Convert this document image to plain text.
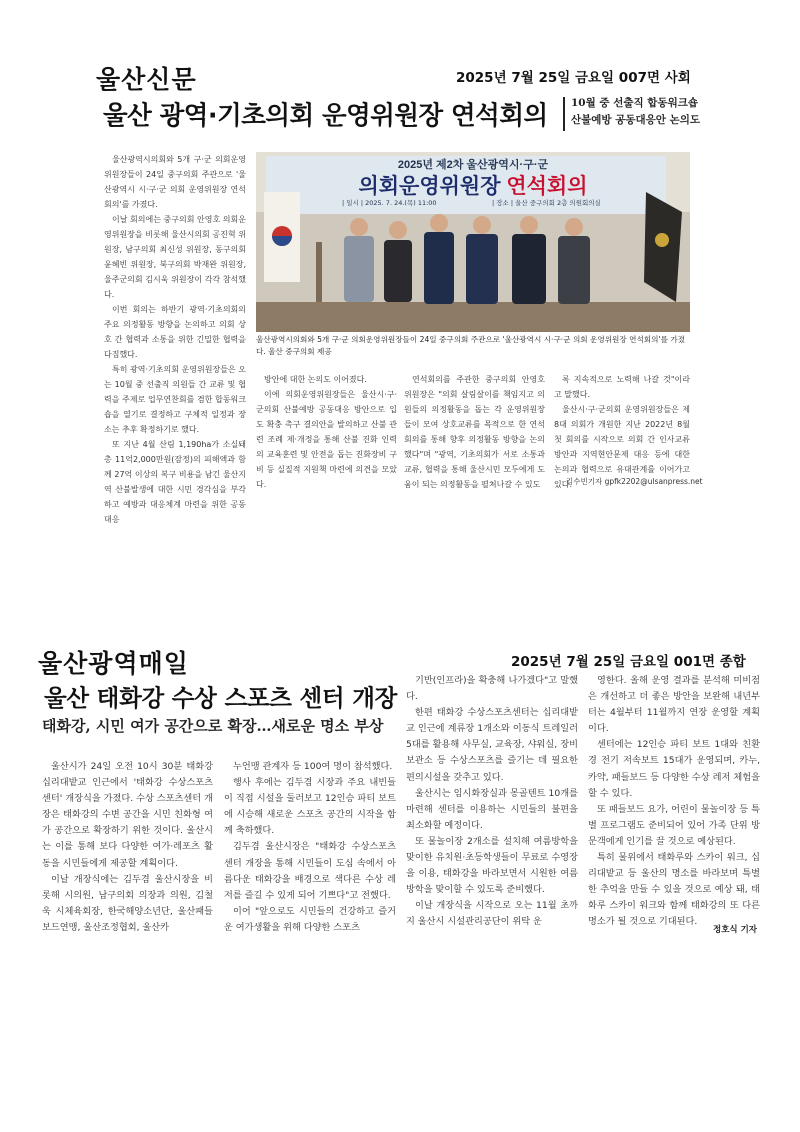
울산신문	2025년 7월 25일 금요일 007면 사회
울산 광역·기초의회 운영위원장 연석회의 10월 중 선출직 합동워크숍
산불예방 공동대응안 논의도
2025년 제2차 울산광역시·구·군
의회운영위원장 연석회의
| 일시 | 2025. 7. 24.(목) 11:00	| 장소 | 울산 중구의회 2층 의원회의실
울산광역시의회와 5개 구·군 의회운영위원장들이 24일 중구의회 주관으로 '울산광역시 시·구·군 의회 운영위원장 연석회의'를 가졌다. 울산 중구의회 제공

울산광역시의회와 5개 구·군 의회운영위원장들이 24일 중구의회 주관으로 '울산광역시 시·구·군 의회 운영위원장 연석회의'를 가졌다.

이날 회의에는 중구의회 안영호 의회운영위원장을 비롯해 울산시의회 공진혁 위원장, 남구의회 최신성 위원장, 동구의회 윤혜빈 위원장, 북구의회 박재완 위원장, 울주군의회 김시욱 위원장이 각각 참석했다.

이번 회의는 하반기 광역·기초의회의 주요 의정활동 방향을 논의하고 의회 상호 간 협력과 소통을 위한 긴밀한 협력을 다짐했다.

특히 광역·기초의회 운영위원장들은 오는 10월 중 선출직 의원들 간 교류 및 협력을 주제로 업무연찬회를 겸한 합동워크숍을 열기로 결정하고 구체적 일정과 장소는 추후 확정하기로 했다.

또 지난 4월 산림 1,190ha가 소실돼 총 11억2,000만원(잠정)의 피해액과 함께 27억 이상의 복구 비용을 남긴 울산지역 산불발생에 대한 시민 경각심을 부각하고 예방과 대응체계 마련을 위한 공동 대응

방안에 대한 논의도 이어졌다.

이에 의회운영위원장들은 울산시·구·군의회 산불예방 공동대응 방안으로 입도 확충 촉구 결의안을 발의하고 산불 관련 조례 제·개정을 통해 산불 진화 인력의 교육훈련 및 안전을 돕는 진화장비 구비 등 실질적 지원책 마련에 의견을 모았다.

연석회의를 주관한 중구의회 안영호 위원장은 "의회 살림살이를 책임지고 의원들의 의정활동을 돕는 각 운영위원장들이 모여 상호교류를 목적으로 한 연석회의를 통해 향후 의정활동 방향을 논의했다"며 "광역, 기초의회가 서로 소통과 교류, 협력을 통해 울산시민 모두에게 도움이 되는 의정활동을 펼쳐나갈 수 있도

록 지속적으로 노력해 나갈 것"이라고 말했다.

울산시·구·군의회 운영위원장들은 제8대 의회가 개원한 지난 2022년 8월 첫 회의를 시작으로 의회 간 인사교류 방안과 지역현안문제 대응 등에 대한 논의과 협력으로 유대관계를 이어가고 있다.

김수빈기자 gpfk2202@ulsanpress.net
울산광역매일	2025년 7월 25일 금요일 001면 종합
울산 태화강 수상 스포츠 센터 개장
태화강, 시민 여가 공간으로 확장…새로운 명소 부상

울산시가 24일 오전 10시 30분 태화강 십리대밭교 인근에서 '태화강 수상스포츠센터' 개장식을 가졌다. 수상 스포츠센터 개장은 태화강의 수변 공간을 시민 친화형 여가 공간으로 확장하기 위한 것이다. 울산시는 이를 통해 보다 다양한 여가·레포츠 활동을 시민들에게 제공할 계획이다.

이날 개장식에는 김두겸 울산시장을 비롯해 시의원, 남구의회 의장과 의원, 김철욱 시체육회장, 한국해양소년단, 울산패들보드연맹, 울산조정협회, 울산카

누언맹 관계자 등 100여 명이 참석했다.

행사 후에는 김두겸 시장과 주요 내빈들이 직접 시설을 둘러보고 12인승 파티 보트에 시승해 새로운 스포츠 공간의 시작을 함께 축하했다.

김두겸 울산시장은 "태화강 수상스포츠센터 개장을 통해 시민들이 도심 속에서 아름다운 태화강을 배경으로 색다른 수상 레저를 즐길 수 있게 되어 기쁘다"고 전했다.

이어 "앞으로도 시민들의 건강하고 즐거운 여가생활을 위해 다양한 스포츠

기반(인프라)을 확충해 나가겠다"고 말했다.

한편 태화강 수상스포츠센터는 십리대밭교 인근에 계류장 1개소와 이동식 트레일러 5대를 활용해 사무실, 교육장, 샤워실, 장비보관소 등 수상스포츠를 즐기는 데 필요한 편의시설을 갖추고 있다.

울산시는 임시화장실과 몽골텐트 10개를 마련해 센터를 이용하는 시민들의 불편을 최소화할 예정이다.

또 물놀이장 2개소를 설치해 여름방학을 맞이한 유치원·초등학생들이 무료로 수영장을 이용, 태화강을 바라보면서 시원한 여름방학을 맞이할 수 있도록 준비했다.

이날 개장식을 시작으로 오는 11월 초까지 울산시 시설관리공단이 위탁 운

영한다. 올해 운영 결과를 분석해 미비점은 개선하고 더 좋은 방안을 보완해 내년부터는 4월부터 11월까지 연장 운영할 계획이다.

센터에는 12인승 파티 보트 1대와 친환경 전기 저속보트 15대가 운영되며, 카누, 카약, 패들보드 등 다양한 수상 레저 체험을 할 수 있다.

또 패들보드 요가, 어린이 물놀이장 등 특별 프로그램도 준비되어 있어 가족 단위 방문객에게 인기를 끌 것으로 예상된다.

특히 물위에서 태화루와 스카이 워크, 십리대밭교 등 울산의 명소를 바라보며 특별한 추억을 만들 수 있을 것으로 예상 돼, 태화루 스카이 워크와 함께 태화강의 또 다른 명소가 될 것으로 기대된다.

정호식 기자
